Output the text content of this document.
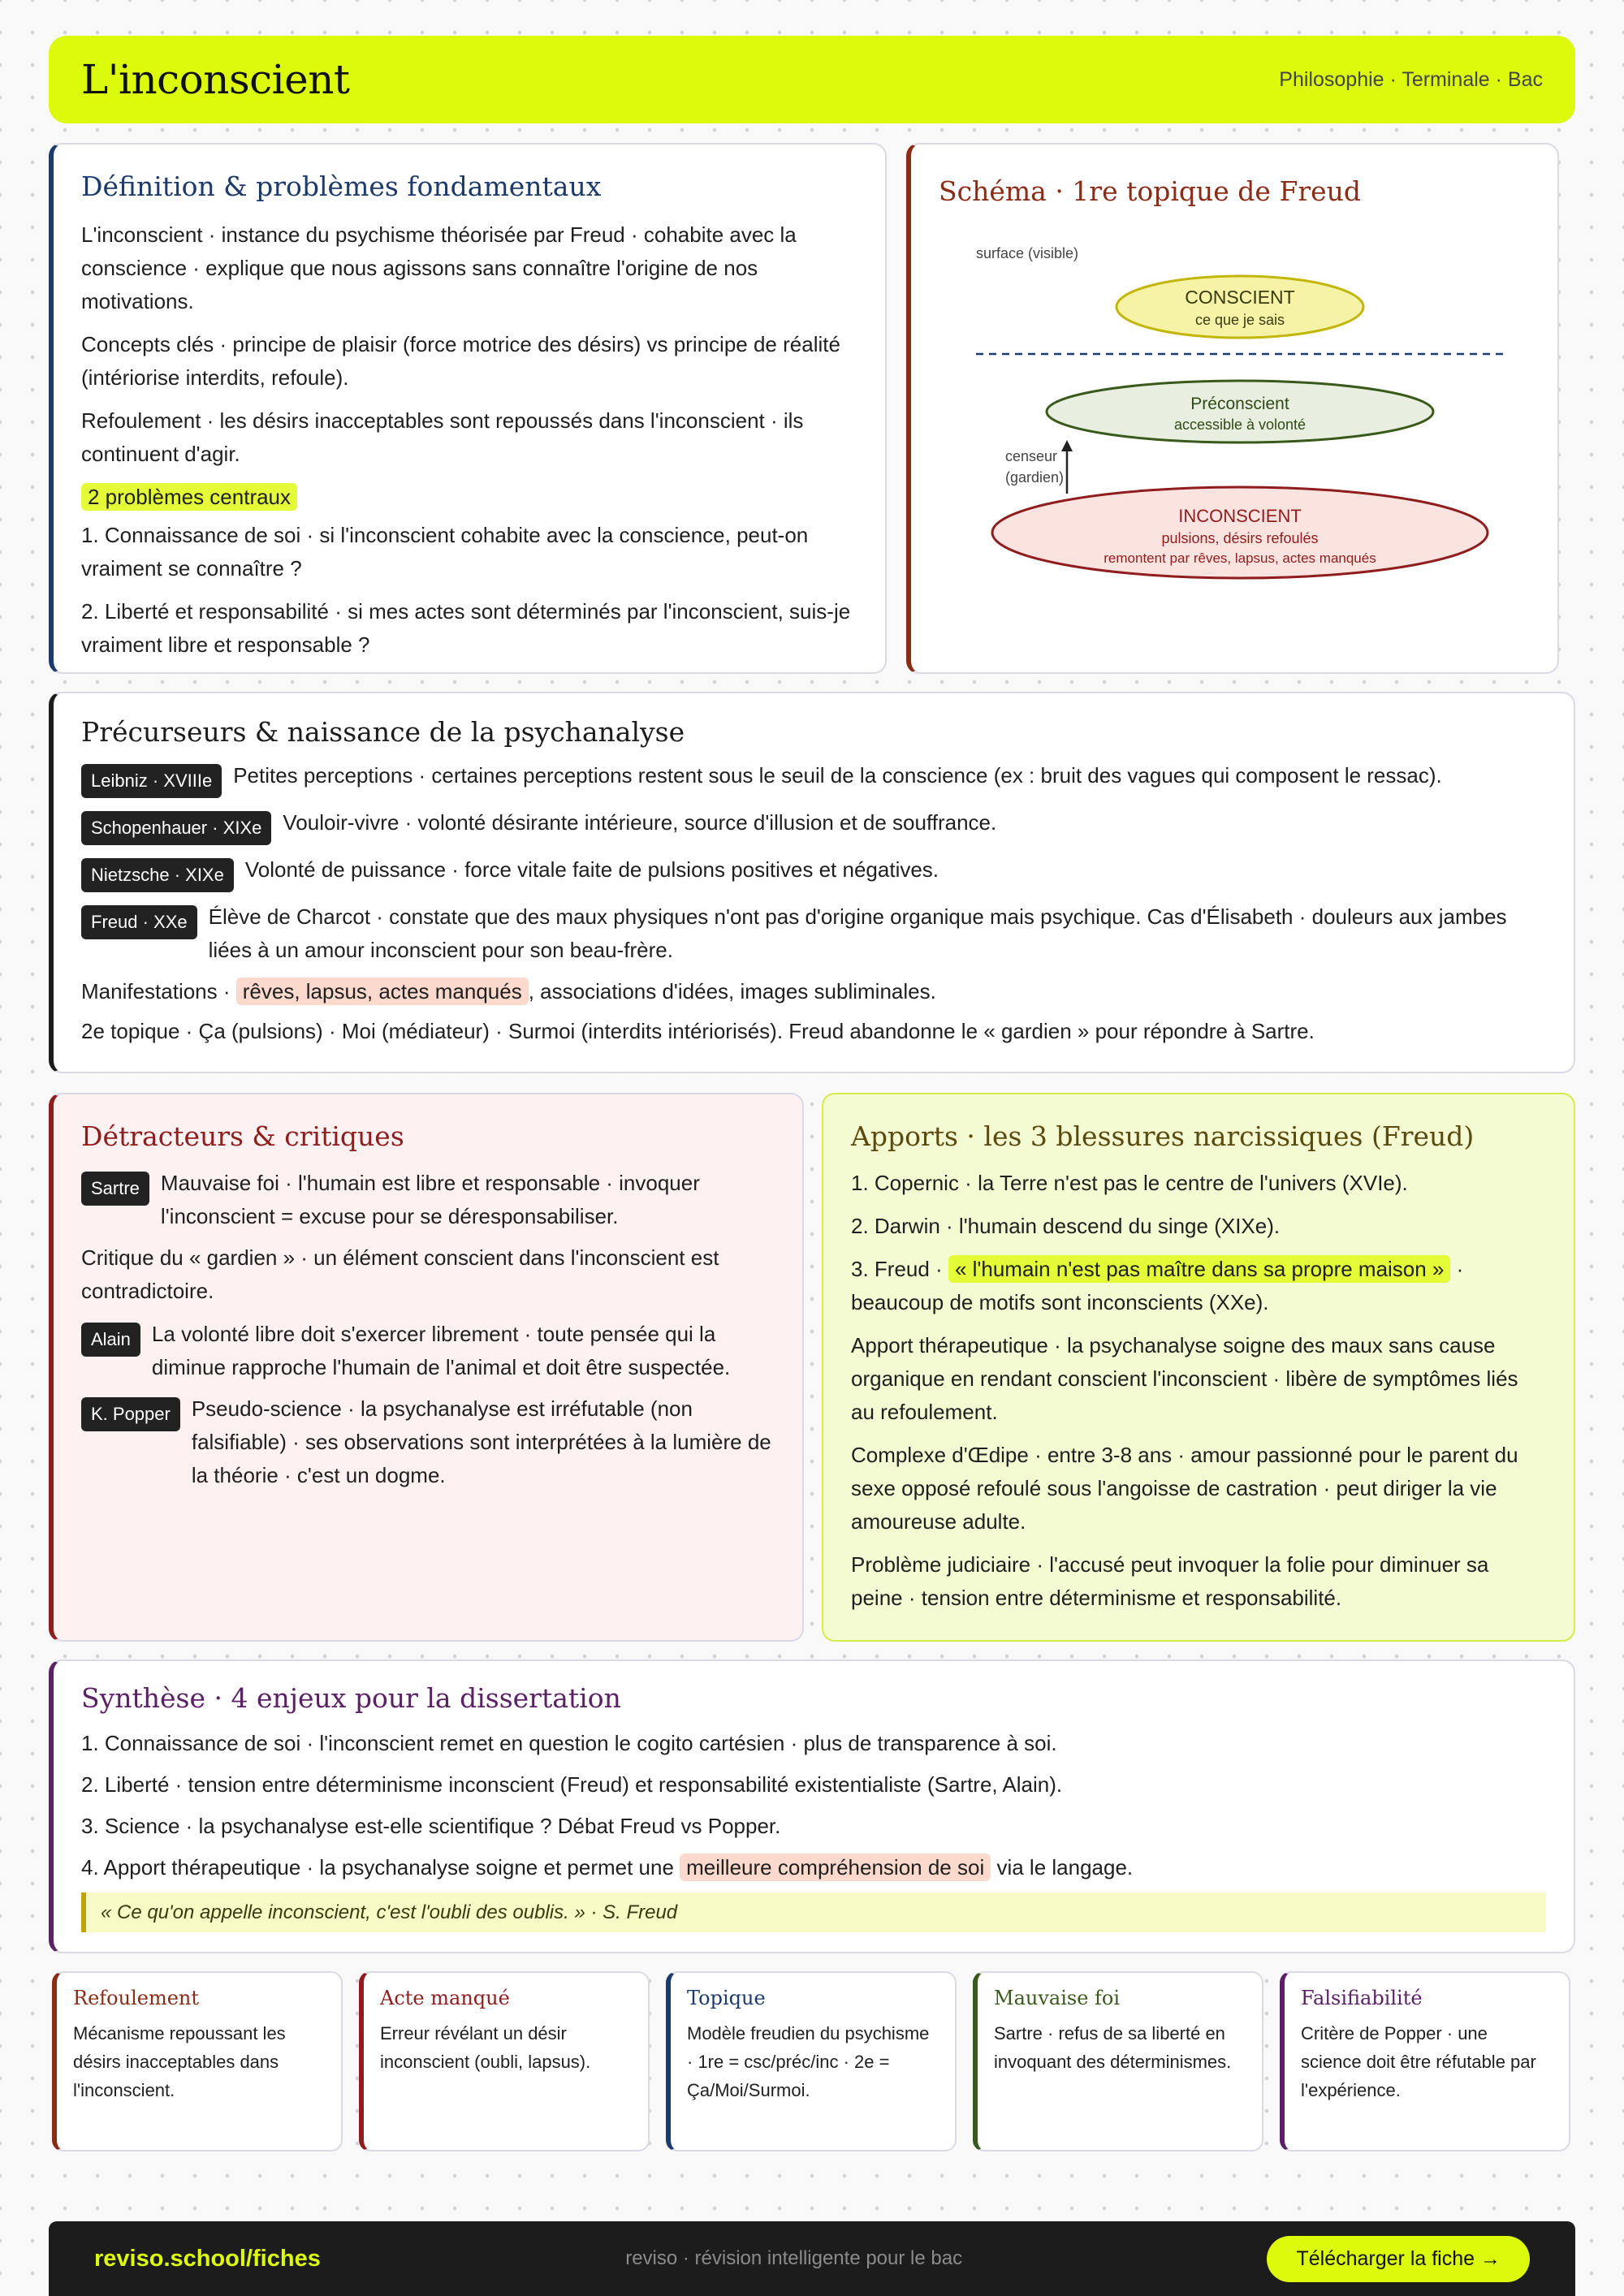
L'inconscient	Philosophie · Terminale · Bac
Définition & problèmes fondamentaux

L'inconscient · instance du psychisme théorisée par Freud · cohabite avec la conscience · explique que nous agissons sans connaître l'origine de nos motivations.

Concepts clés · principe de plaisir (force motrice des désirs) vs principe de réalité (intériorise interdits, refoule).

Refoulement · les désirs inacceptables sont repoussés dans l'inconscient · ils continuent d'agir.

2 problèmes centraux

1. Connaissance de soi · si l'inconscient cohabite avec la conscience, peut-on vraiment se connaître ?

2. Liberté et responsabilité · si mes actes sont déterminés par l'inconscient, suis-je vraiment libre et responsable ?

Schéma · 1re topique de Freud
surface (visible)
CONSCIENT
ce que je sais
Préconscient
accessible à volonté
censeur
(gardien)
INCONSCIENT
pulsions, désirs refoulés
remontent par rêves, lapsus, actes manqués
Précurseurs & naissance de la psychanalyse
Leibniz · XVIIIe	Petites perceptions · certaines perceptions restent sous le seuil de la conscience (ex : bruit des vagues qui composent le ressac).
Schopenhauer · XIXe	Vouloir-vivre · volonté désirante intérieure, source d'illusion et de souffrance.
Nietzsche · XIXe	Volonté de puissance · force vitale faite de pulsions positives et négatives.
Freud · XXe	Élève de Charcot · constate que des maux physiques n'ont pas d'origine organique mais psychique. Cas d'Élisabeth · douleurs aux jambes liées à un amour inconscient pour son beau-frère.

Manifestations · rêves, lapsus, actes manqués , associations d'idées, images subliminales.

2e topique · Ça (pulsions) · Moi (médiateur) · Surmoi (interdits intériorisés). Freud abandonne le « gardien » pour répondre à Sartre.

Détracteurs & critiques
Sartre	Mauvaise foi · l'humain est libre et responsable · invoquer l'inconscient = excuse pour se déresponsabiliser.

Critique du « gardien » · un élément conscient dans l'inconscient est contradictoire.

Alain	La volonté libre doit s'exercer librement · toute pensée qui la diminue rapproche l'humain de l'animal et doit être suspectée.
K. Popper	Pseudo-science · la psychanalyse est irréfutable (non falsifiable) · ses observations sont interprétées à la lumière de la théorie · c'est un dogme.
Apports · les 3 blessures narcissiques (Freud)

1. Copernic · la Terre n'est pas le centre de l'univers (XVIe).

2. Darwin · l'humain descend du singe (XIXe).

3. Freud · « l'humain n'est pas maître dans sa propre maison » · beaucoup de motifs sont inconscients (XXe).

Apport thérapeutique · la psychanalyse soigne des maux sans cause organique en rendant conscient l'inconscient · libère de symptômes liés au refoulement.

Complexe d'Œdipe · entre 3-8 ans · amour passionné pour le parent du sexe opposé refoulé sous l'angoisse de castration · peut diriger la vie amoureuse adulte.

Problème judiciaire · l'accusé peut invoquer la folie pour diminuer sa peine · tension entre déterminisme et responsabilité.

Synthèse · 4 enjeux pour la dissertation

1. Connaissance de soi · l'inconscient remet en question le cogito cartésien · plus de transparence à soi.

2. Liberté · tension entre déterminisme inconscient (Freud) et responsabilité existentialiste (Sartre, Alain).

3. Science · la psychanalyse est-elle scientifique ? Débat Freud vs Popper.

4. Apport thérapeutique · la psychanalyse soigne et permet une meilleure compréhension de soi via le langage.

« Ce qu'on appelle inconscient, c'est l'oubli des oublis. » · S. Freud
Refoulement
Mécanisme repoussant les désirs inacceptables dans l'inconscient.
Acte manqué
Erreur révélant un désir inconscient (oubli, lapsus).
Topique
Modèle freudien du psychisme · 1re = csc/préc/inc · 2e = Ça/Moi/Surmoi.
Mauvaise foi
Sartre · refus de sa liberté en invoquant des déterminismes.
Falsifiabilité
Critère de Popper · une science doit être réfutable par l'expérience.
reviso.school/fiches	reviso · révision intelligente pour le bac	Télécharger la fiche →
